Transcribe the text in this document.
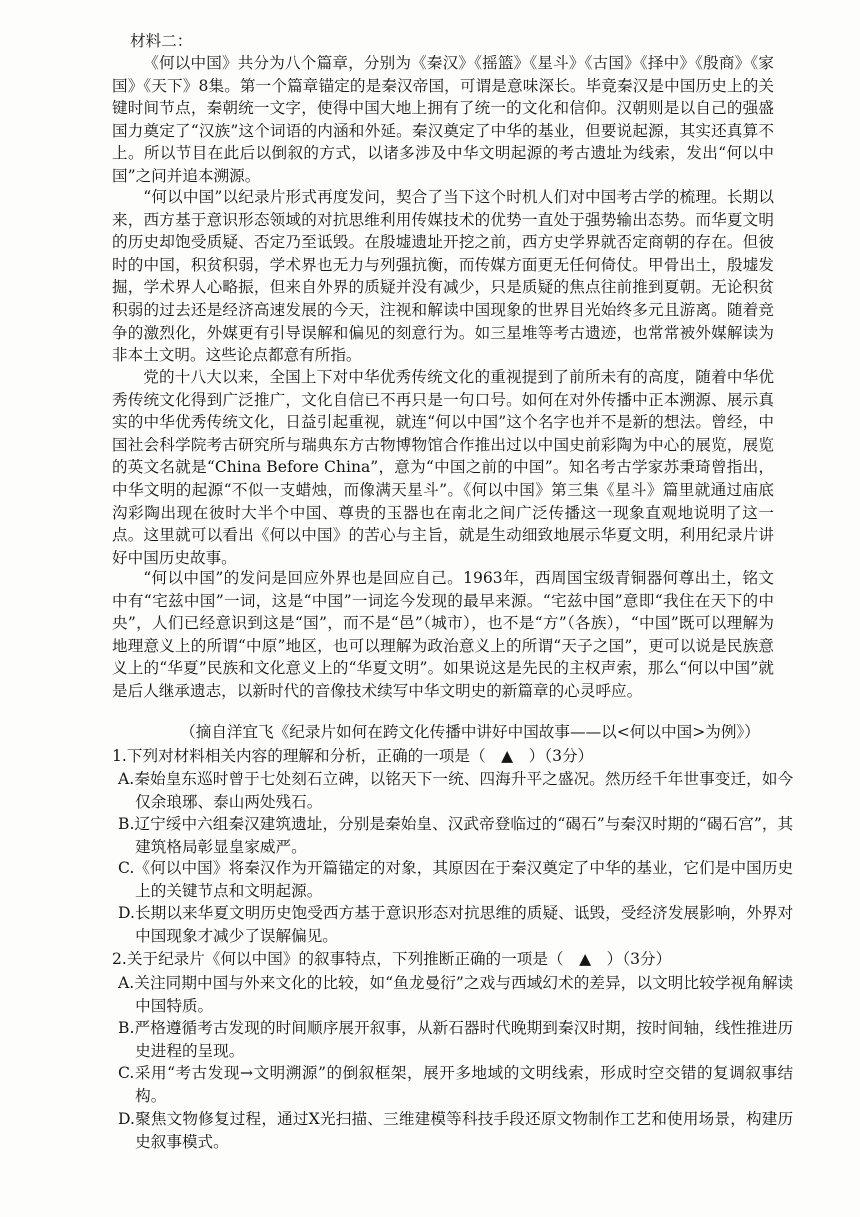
材料二：

《何以中国》共分为八个篇章，分别为《秦汉》《摇篮》《星斗》《古国》《择中》《殷商》《家国》《天下》8集。第一个篇章锚定的是秦汉帝国，可谓是意味深长。毕竟秦汉是中国历史上的关键时间节点，秦朝统一文字，使得中国大地上拥有了统一的文化和信仰。汉朝则是以自己的强盛国力奠定了“汉族”这个词语的内涵和外延。秦汉奠定了中华的基业，但要说起源，其实还真算不上。所以节目在此后以倒叙的方式，以诸多涉及中华文明起源的考古遗址为线索，发出“何以中国”之问并追本溯源。

“何以中国”以纪录片形式再度发问，契合了当下这个时机人们对中国考古学的梳理。长期以来，西方基于意识形态领域的对抗思维利用传媒技术的优势一直处于强势输出态势。而华夏文明的历史却饱受质疑、否定乃至诋毁。在殷墟遗址开挖之前，西方史学界就否定商朝的存在。但彼时的中国，积贫积弱，学术界也无力与列强抗衡，而传媒方面更无任何倚仗。甲骨出土，殷墟发掘，学术界人心略振，但来自外界的质疑并没有减少，只是质疑的焦点往前推到夏朝。无论积贫积弱的过去还是经济高速发展的今天，注视和解读中国现象的世界目光始终多元且游离。随着竞争的激烈化，外媒更有引导误解和偏见的刻意行为。如三星堆等考古遗迹，也常常被外媒解读为非本土文明。这些论点都意有所指。

党的十八大以来，全国上下对中华优秀传统文化的重视提到了前所未有的高度，随着中华优秀传统文化得到广泛推广，文化自信已不再只是一句口号。如何在对外传播中正本溯源、展示真实的中华优秀传统文化，日益引起重视，就连“何以中国”这个名字也并不是新的想法。曾经，中国社会科学院考古研究所与瑞典东方古物博物馆合作推出过以中国史前彩陶为中心的展览，展览的英文名就是“China Before China”，意为“中国之前的中国”。知名考古学家苏秉琦曾指出，中华文明的起源“不似一支蜡烛，而像满天星斗”。《何以中国》第三集《星斗》篇里就通过庙底沟彩陶出现在彼时大半个中国、尊贵的玉器也在南北之间广泛传播这一现象直观地说明了这一点。这里就可以看出《何以中国》的苦心与主旨，就是生动细致地展示华夏文明，利用纪录片讲好中国历史故事。

“何以中国”的发问是回应外界也是回应自己。1963年，西周国宝级青铜器何尊出土，铭文中有“宅兹中国”一词，这是“中国”一词迄今发现的最早来源。“宅兹中国”意即“我住在天下的中央”，人们已经意识到这是“国”，而不是“邑”（城市），也不是“方”（各族），“中国”既可以理解为地理意义上的所谓“中原”地区，也可以理解为政治意义上的所谓“天子之国”，更可以说是民族意义上的“华夏”民族和文化意义上的“华夏文明”。如果说这是先民的主权声索，那么“何以中国”就是后人继承遗志，以新时代的音像技术续写中华文明史的新篇章的心灵呼应。

（摘自洋宜飞《纪录片如何在跨文化传播中讲好中国故事——以<何以中国>为例》）
1.下列对材料相关内容的理解和分析，正确的一项是（　▲　）（3分）
A.秦始皇东巡时曾于七处刻石立碑，以铭天下一统、四海升平之盛况。然历经千年世事变迁，如今仅余琅琊、泰山两处残石。
B.辽宁绥中六组秦汉建筑遗址，分别是秦始皇、汉武帝登临过的“碣石”与秦汉时期的“碣石宫”，其建筑格局彰显皇家威严。
C.《何以中国》将秦汉作为开篇锚定的对象，其原因在于秦汉奠定了中华的基业，它们是中国历史上的关键节点和文明起源。
D.长期以来华夏文明历史饱受西方基于意识形态对抗思维的质疑、诋毁，受经济发展影响，外界对中国现象才减少了误解偏见。
2.关于纪录片《何以中国》的叙事特点，下列推断正确的一项是（　▲　）（3分）
A.关注同期中国与外来文化的比较，如“鱼龙曼衍”之戏与西域幻术的差异，以文明比较学视角解读中国特质。
B.严格遵循考古发现的时间顺序展开叙事，从新石器时代晚期到秦汉时期，按时间轴，线性推进历史进程的呈现。
C.采用“考古发现→文明溯源”的倒叙框架，展开多地域的文明线索，形成时空交错的复调叙事结构。
D.聚焦文物修复过程，通过X光扫描、三维建模等科技手段还原文物制作工艺和使用场景，构建历史叙事模式。
